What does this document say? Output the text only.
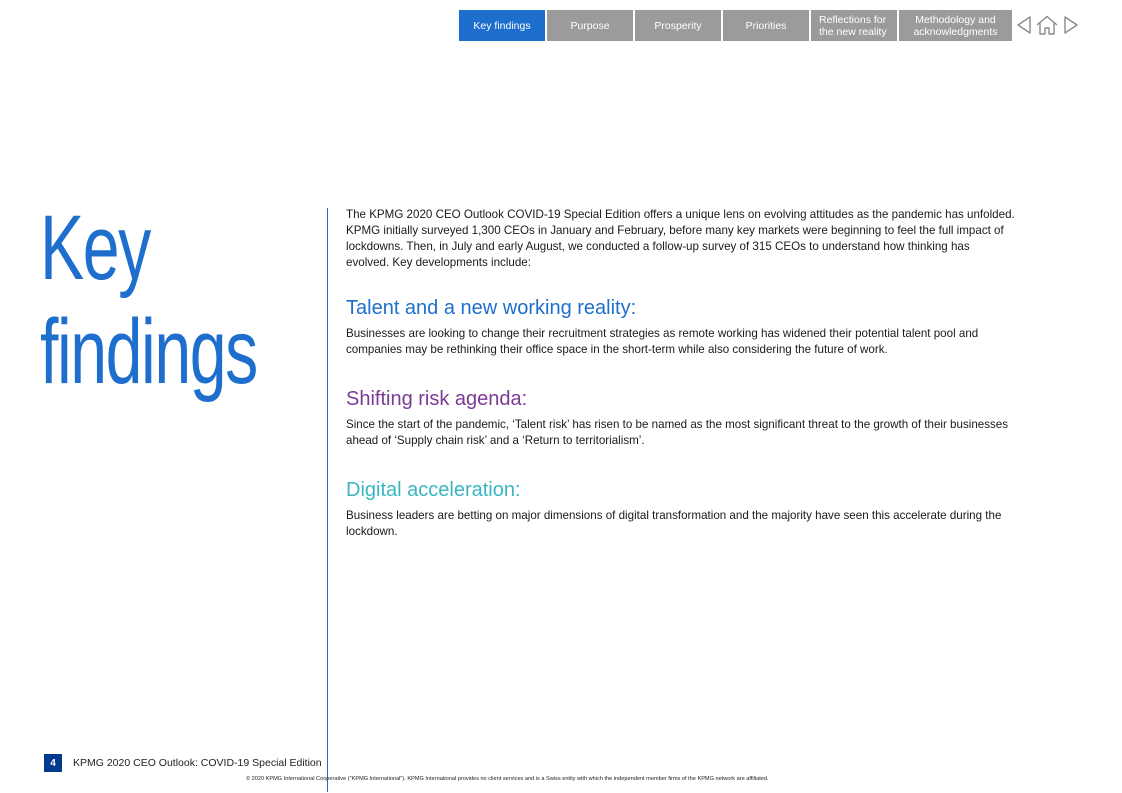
Key findings	Purpose	Prosperity	Priorities	Reflections for
the new reality
Methodology and
acknowledgments
Key
findings

The KPMG 2020 CEO Outlook COVID-19 Special Edition offers a unique lens on evolving attitudes as the pandemic has unfolded. KPMG initially surveyed 1,300 CEOs in January and February, before many key markets were beginning to feel the full impact of lockdowns. Then, in July and early August, we conducted a follow-up survey of 315 CEOs to understand how thinking has evolved. Key developments include:

Talent and a new working reality:

Businesses are looking to change their recruitment strategies as remote working has widened their potential talent pool and companies may be rethinking their office space in the short-term while also considering the future of work.

Shifting risk agenda:

Since the start of the pandemic, ‘Talent risk’ has risen to be named as the most significant threat to the growth of their businesses ahead of ‘Supply chain risk’ and a ‘Return to territorialism’.

Digital acceleration:

Business leaders are betting on major dimensions of digital transformation and the majority have seen this accelerate during the lockdown.

4	KPMG 2020 CEO Outlook: COVID-19 Special Edition
© 2020 KPMG International Cooperative ("KPMG International"). KPMG International provides no client services and is a Swiss entity with which the independent member firms of the KPMG network are affiliated.
